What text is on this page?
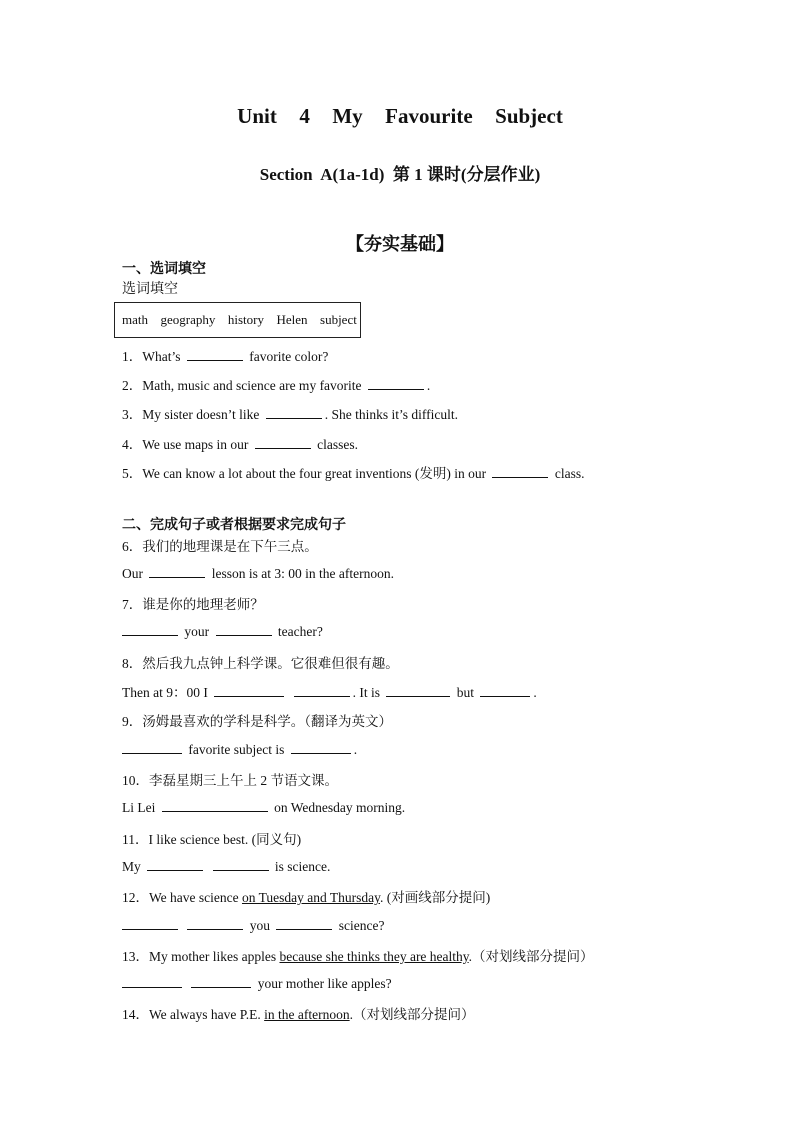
Unit  4  My  Favourite  Subject
Section  A(1a-1d)  第 1 课时(分层作业)
【夯实基础】
一、选词填空
选词填空
math  geography  history  Helen  subject
1．What’s	favorite color?
2．Math, music and science are my favorite	.
3．My sister doesn’t like	. She thinks it’s difficult.
4．We use maps in our	classes.
5．We can know a lot about the four great inventions (发明) in our	class.
二、完成句子或者根据要求完成句子
6．我们的地理课是在下午三点。
Our	lesson is at 3: 00 in the afternoon.
7．谁是你的地理老师？
your	teacher?
8．然后我九点钟上科学课。它很难但很有趣。
Then at 9：00 I	. It is	but	.
9．汤姆最喜欢的学科是科学。（翻译为英文）
favorite subject is	.
10．李磊星期三上午上 2 节语文课。
Li Lei	on Wednesday morning.
11．I like science best. (同义句)
My	is science.
12．We have science on Tuesday and Thursday. (对画线部分提问)
you	science?
13．My mother likes apples because she thinks they are healthy.（对划线部分提问）
your mother like apples?
14．We always have P.E. in the afternoon.（对划线部分提问）
